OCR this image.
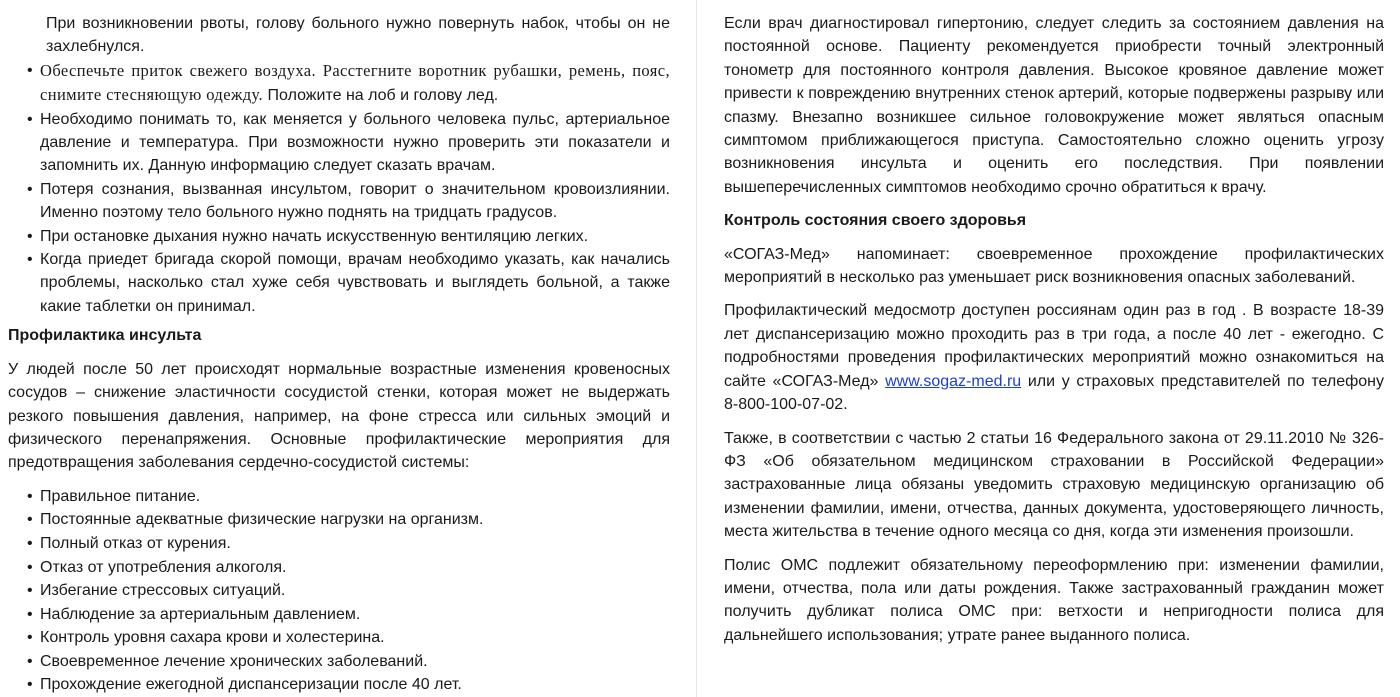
При возникновении рвоты, голову больного нужно повернуть набок, чтобы он не захлебнулся.

• Обеспечьте приток свежего воздуха. Расстегните воротник рубашки, ремень, пояс, снимите стесняющую одежду. Положите на лоб и голову лед.
• Необходимо понимать то, как меняется у больного человека пульс, артериальное давление и температура. При возможности нужно проверить эти показатели и запомнить их. Данную информацию следует сказать врачам.
• Потеря сознания, вызванная инсультом, говорит о значительном кровоизлиянии. Именно поэтому тело больного нужно поднять на тридцать градусов.
• При остановке дыхания нужно начать искусственную вентиляцию легких.
• Когда приедет бригада скорой помощи, врачам необходимо указать, как начались проблемы, насколько стал хуже себя чувствовать и выглядеть больной, а также какие таблетки он принимал.
Профилактика инсульта

У людей после 50 лет происходят нормальные возрастные изменения кровеносных сосудов – снижение эластичности сосудистой стенки, которая может не выдержать резкого повышения давления, например, на фоне стресса или сильных эмоций и физического перенапряжения. Основные профилактические мероприятия для предотвращения заболевания сердечно-сосудистой системы:

• Правильное питание.
• Постоянные адекватные физические нагрузки на организм.
• Полный отказ от курения.
• Отказ от употребления алкоголя.
• Избегание стрессовых ситуаций.
• Наблюдение за артериальным давлением.
• Контроль уровня сахара крови и холестерина.
• Своевременное лечение хронических заболеваний.
• Прохождение ежегодной диспансеризации после 40 лет.

Если врач диагностировал гипертонию, следует следить за состоянием давления на постоянной основе. Пациенту рекомендуется приобрести точный электронный тонометр для постоянного контроля давления. Высокое кровяное давление может привести к повреждению внутренних стенок артерий, которые подвержены разрыву или спазму. Внезапно возникшее сильное головокружение может являться опасным симптомом приближающегося приступа. Самостоятельно сложно оценить угрозу возникновения инсульта и оценить его последствия. При появлении вышеперечисленных симптомов необходимо срочно обратиться к врачу.

Контроль состояния своего здоровья

«СОГАЗ-Мед» напоминает: своевременное прохождение профилактических мероприятий в несколько раз уменьшает риск возникновения опасных заболеваний.

Профилактический медосмотр доступен россиянам один раз в год . В возрасте 18-39 лет диспансеризацию можно проходить раз в три года, а после 40 лет - ежегодно. С подробностями проведения профилактических мероприятий можно ознакомиться на сайте «СОГАЗ-Мед» www.sogaz-med.ru или у страховых представителей по телефону 8-800-100-07-02.

Также, в соответствии с частью 2 статьи 16 Федерального закона от 29.11.2010 № 326-ФЗ «Об обязательном медицинском страховании в Российской Федерации» застрахованные лица обязаны уведомить страховую медицинскую организацию об изменении фамилии, имени, отчества, данных документа, удостоверяющего личность, места жительства в течение одного месяца со дня, когда эти изменения произошли.

Полис ОМС подлежит обязательному переоформлению при: изменении фамилии, имени, отчества, пола или даты рождения. Также застрахованный гражданин может получить дубликат полиса ОМС при: ветхости и непригодности полиса для дальнейшего использования; утрате ранее выданного полиса.
